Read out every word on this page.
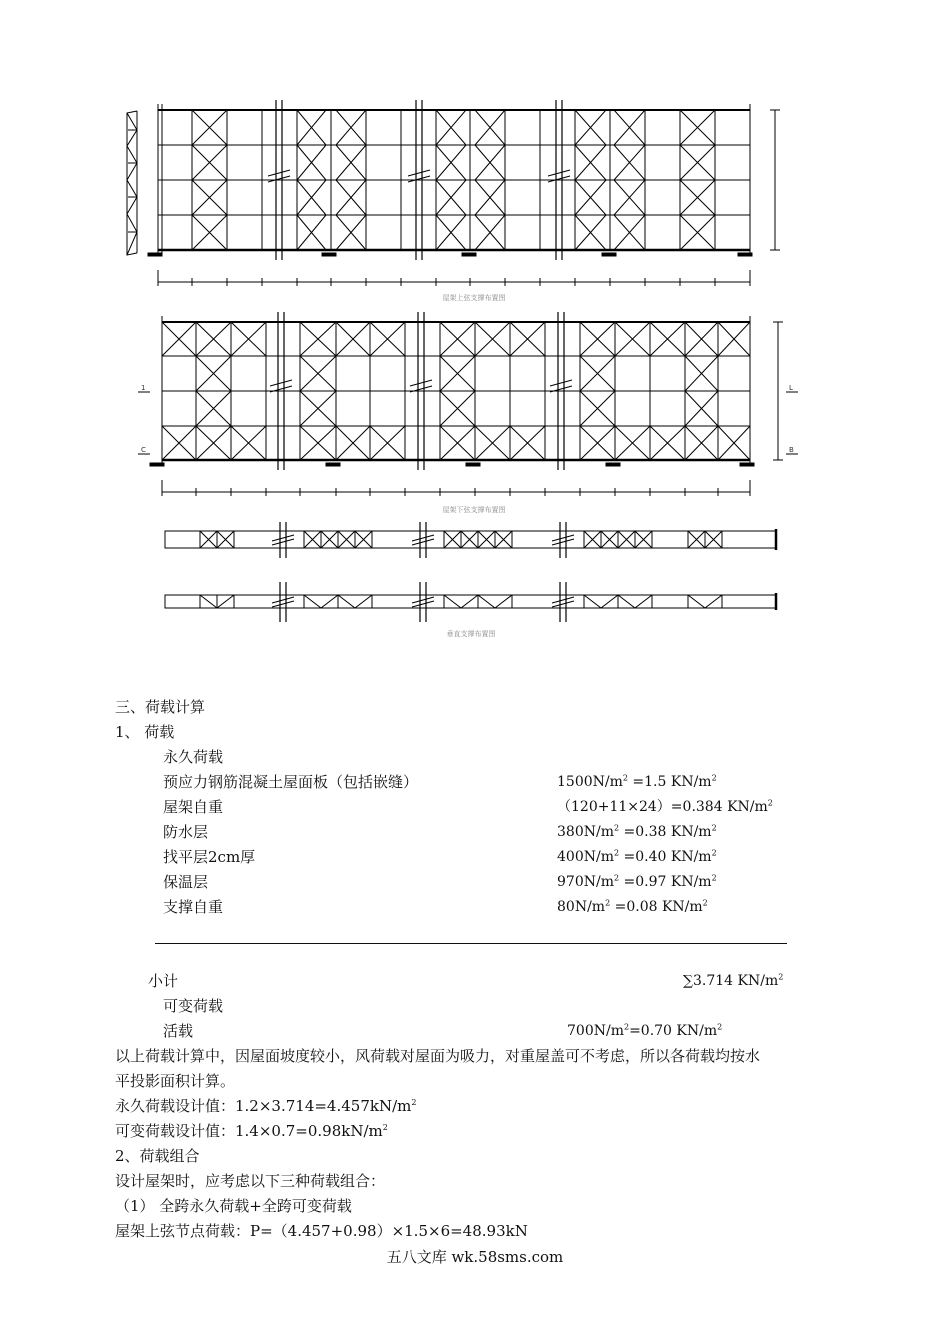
屋架上弦支撑布置图
屋架下弦支撑布置图
垂直支撑布置图
1
C
L
B
三、荷载计算
1、 荷载
永久荷载
预应力钢筋混凝土屋面板（包括嵌缝）	$1500N/m^2 =1.5$ $KN/m^2$
屋架自重	（120+11×24）=0.384 $KN/m^2$
防水层	$380N/m^2 =0.38$ $KN/m^2$
找平层2cm厚	$400N/m^2 =0.40$ $KN/m^2$
保温层	$970N/m^2 =0.97$ $KN/m^2$
支撑自重	$80N/m^2 =0.08$ $KN/m^2$
小计	∑3.714 $KN/m^2$
可变荷载
活载	$700N/m^2=0.70$ $KN/m^2$
以上荷载计算中，因屋面坡度较小，风荷载对屋面为吸力，对重屋盖可不考虑，所以各荷载均按水
平投影面积计算。
永久荷载设计值：$1.2\times 3.714=4.457kN/m^2$
可变荷载设计值：$1.4\times 0.7=0.98kN/m^2$
2、荷载组合
设计屋架时，应考虑以下三种荷载组合：
（1） 全跨永久荷载+全跨可变荷载
屋架上弦节点荷载：P=（4.457+0.98）×1.5×6=48.93kN
五八文库 wk.58sms.com
